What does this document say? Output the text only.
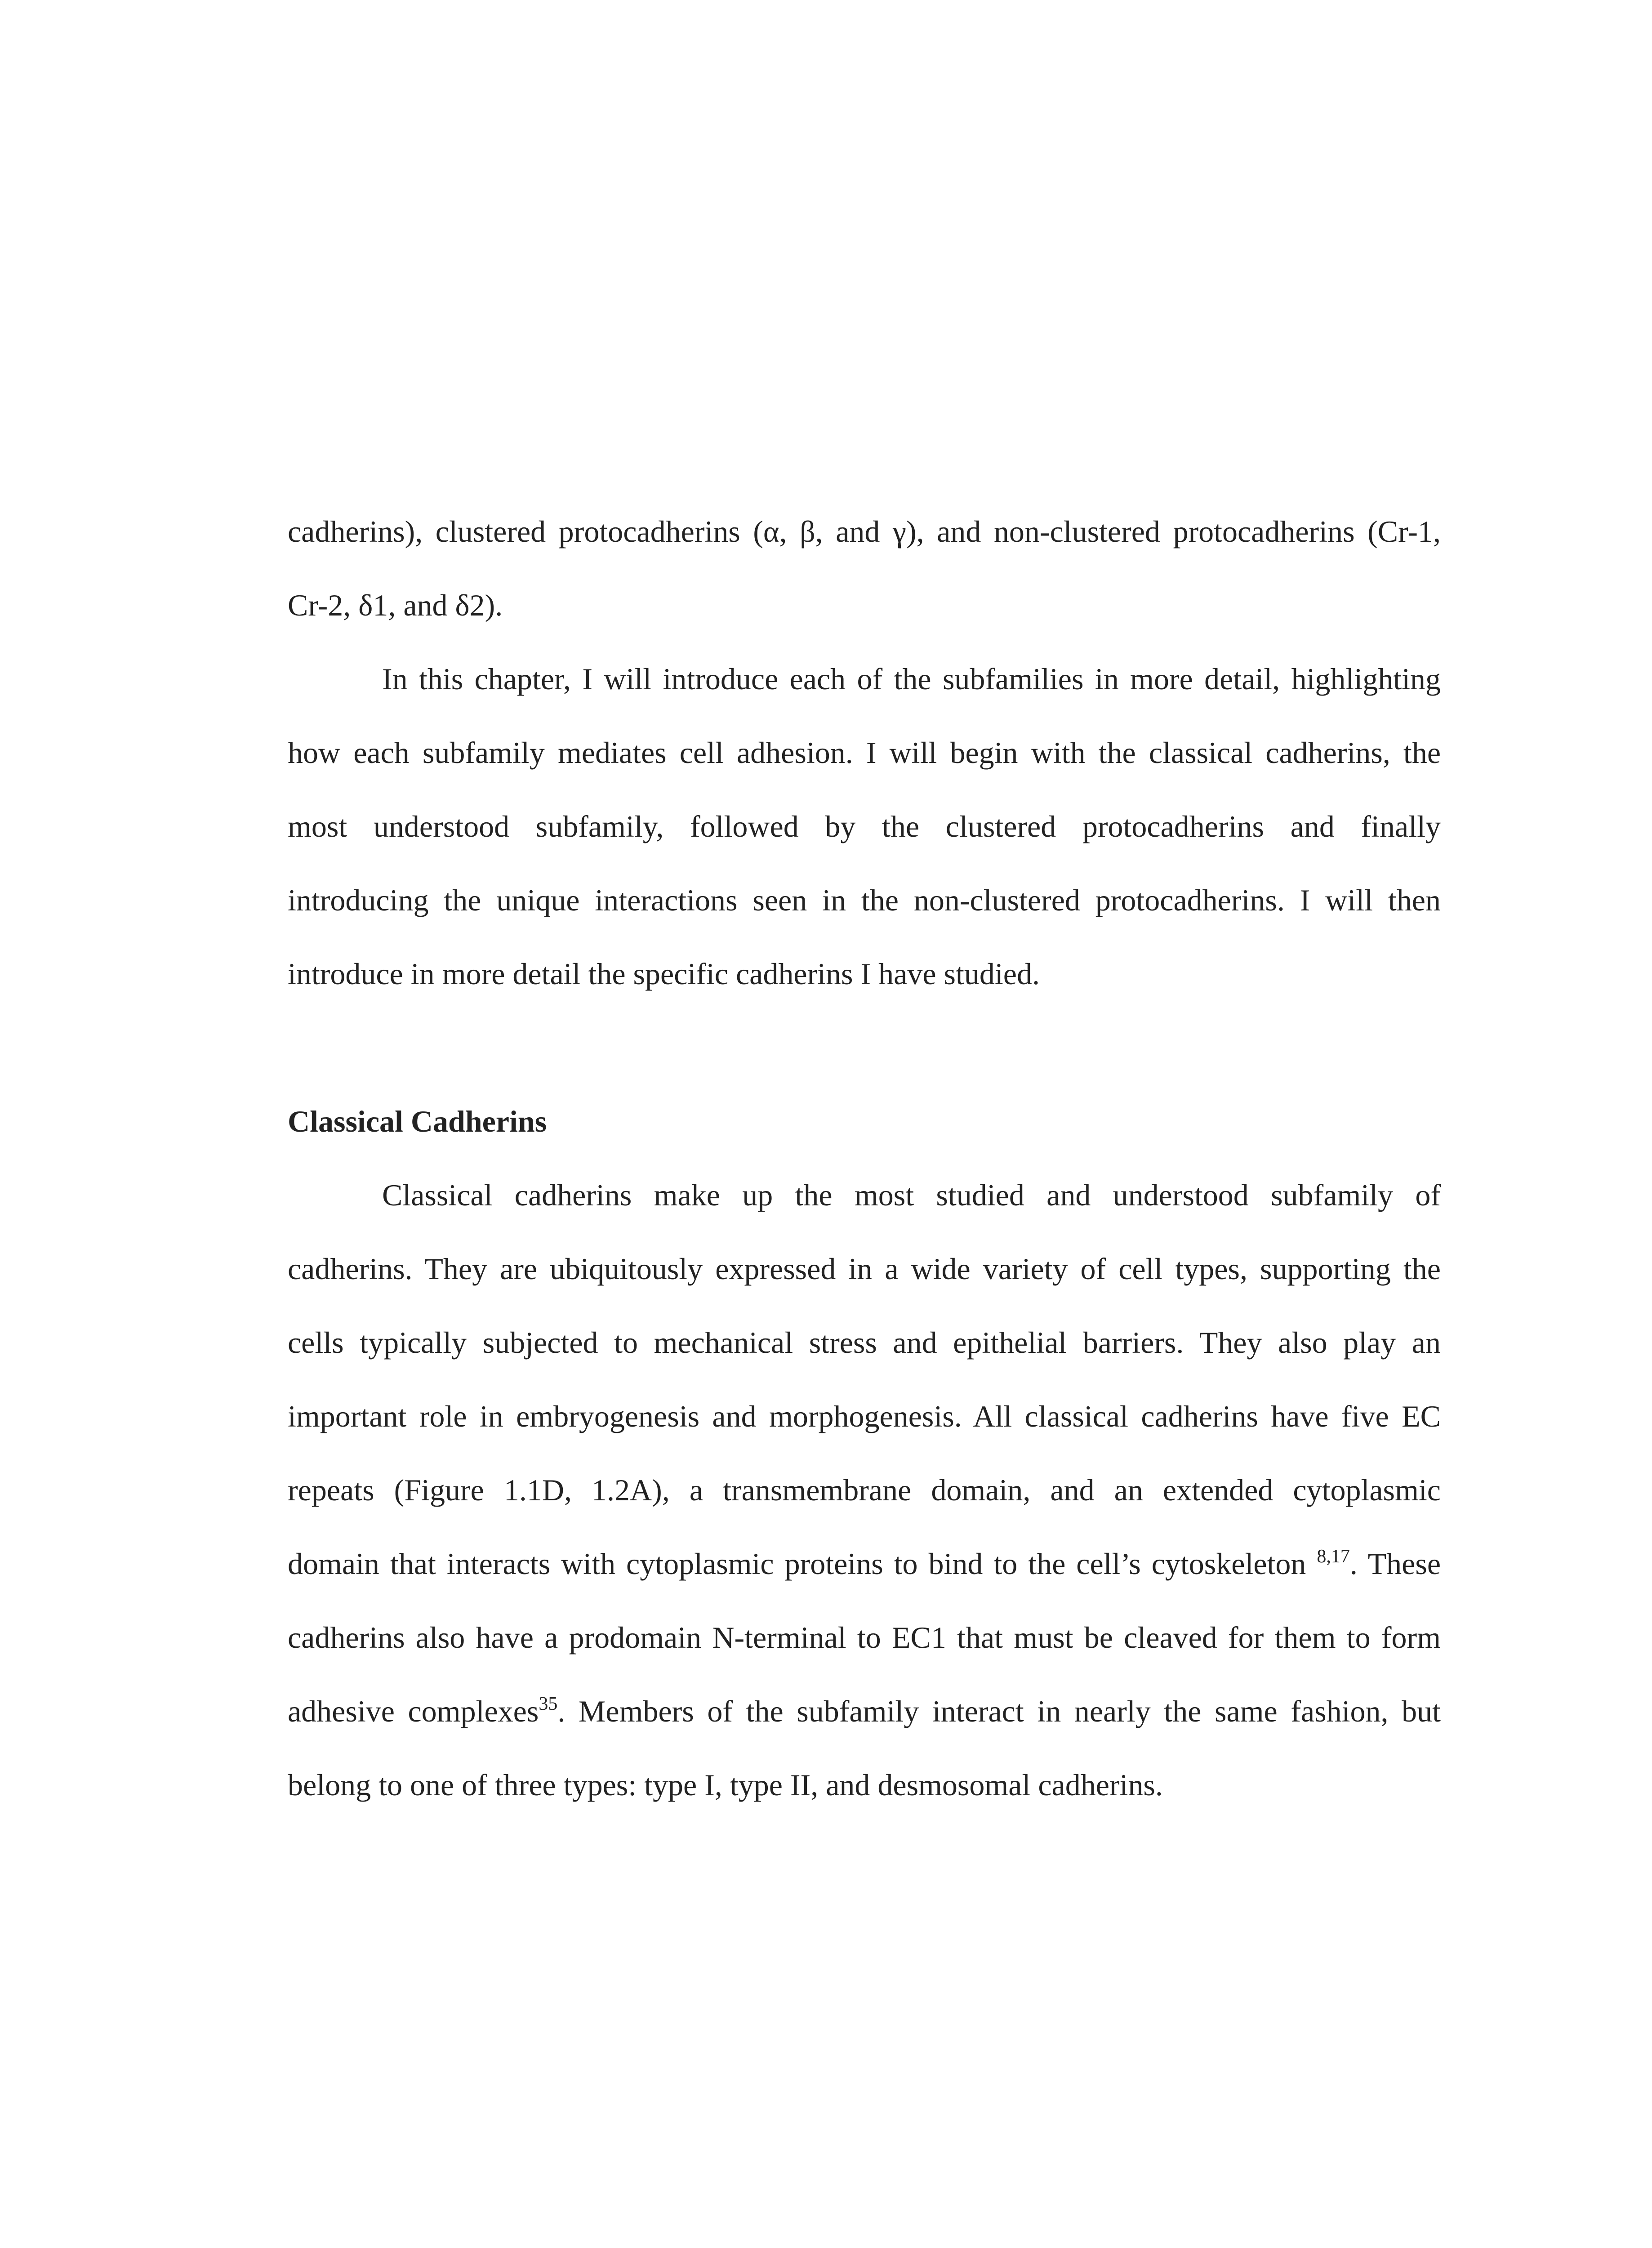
cadherins), clustered protocadherins (α, β, and γ), and non-clustered protocadherins (Cr-1,
Cr-2, δ1, and δ2).
In this chapter, I will introduce each of the subfamilies in more detail, highlighting
how each subfamily mediates cell adhesion. I will begin with the classical cadherins, the
most understood subfamily, followed by the clustered protocadherins and finally
introducing the unique interactions seen in the non-clustered protocadherins. I will then
introduce in more detail the specific cadherins I have studied.
Classical Cadherins
Classical cadherins make up the most studied and understood subfamily of
cadherins. They are ubiquitously expressed in a wide variety of cell types, supporting the
cells typically subjected to mechanical stress and epithelial barriers. They also play an
important role in embryogenesis and morphogenesis. All classical cadherins have five EC
repeats (Figure 1.1D, 1.2A), a transmembrane domain, and an extended cytoplasmic
domain that interacts with cytoplasmic proteins to bind to the cell’s cytoskeleton $^{8,17}$. These
cadherins also have a prodomain N-terminal to EC1 that must be cleaved for them to form
adhesive complexes$^{35}$. Members of the subfamily interact in nearly the same fashion, but
belong to one of three types: type I, type II, and desmosomal cadherins.
